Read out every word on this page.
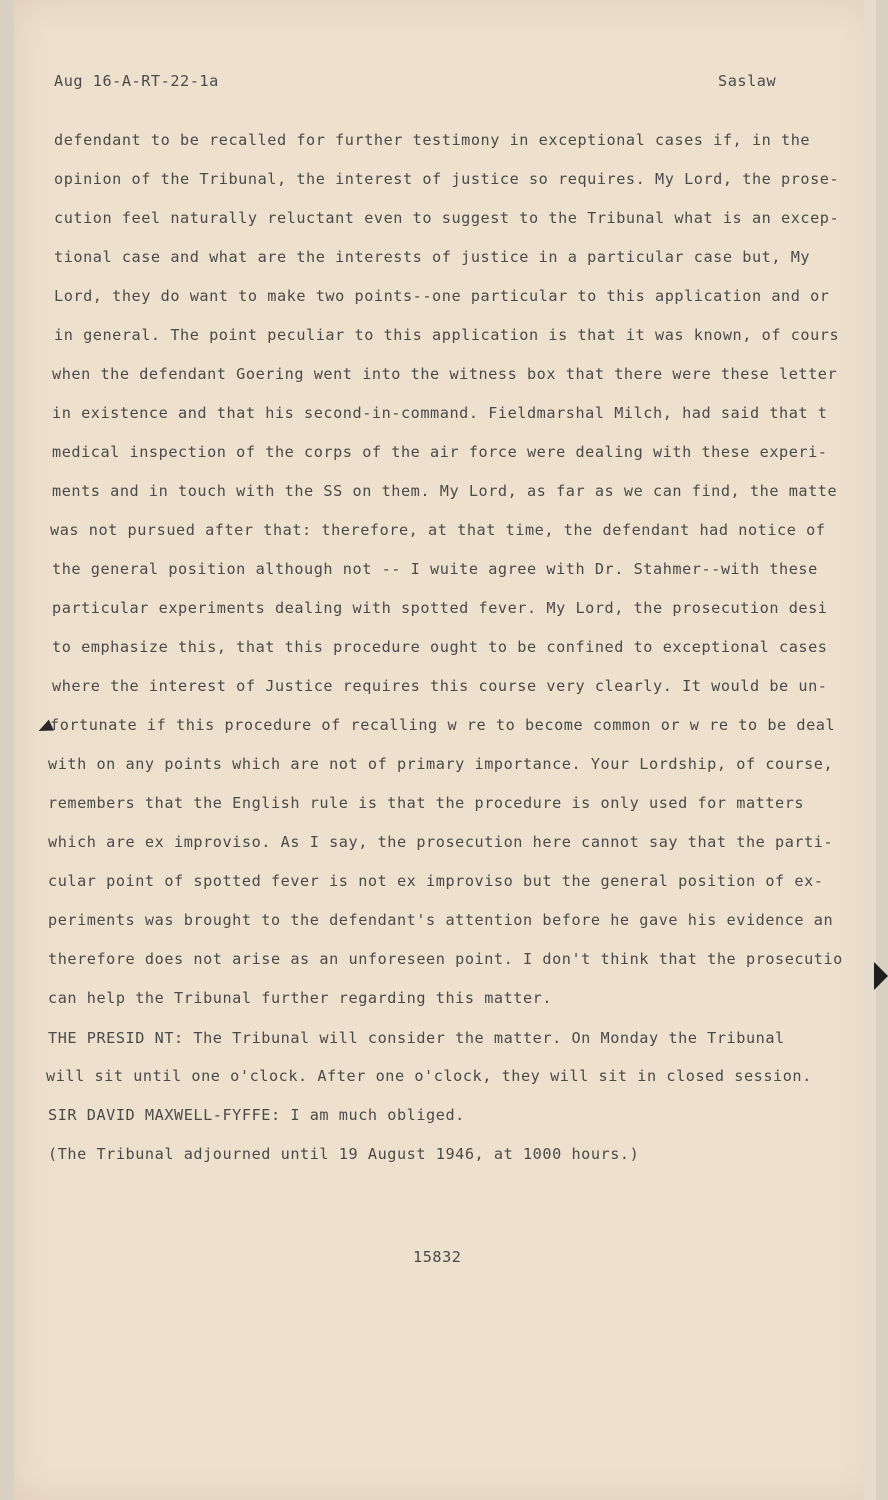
Aug 16-A-RT-22-1a	Saslaw
defendant to be recalled for further testimony in exceptional cases if, in the
opinion of the Tribunal, the interest of justice so requires. My Lord, the prose-
cution feel naturally reluctant even to suggest to the Tribunal what is an excep-
tional case and what are the interests of justice in a particular case but, My
Lord, they do want to make two points--one particular to this application and or
in general. The point peculiar to this application is that it was known, of cours
when the defendant Goering went into the witness box that there were these letter
in existence and that his second-in-command. Fieldmarshal Milch, had said that t
medical inspection of the corps of the air force were dealing with these experi-
ments and in touch with the SS on them. My Lord, as far as we can find, the matte
was not pursued after that: therefore, at that time, the defendant had notice of
the general position although not -- I wuite agree with Dr. Stahmer--with these
particular experiments dealing with spotted fever. My Lord, the prosecution desi
to emphasize this, that this procedure ought to be confined to exceptional cases
where the interest of Justice requires this course very clearly. It would be un-
fortunate if this procedure of recalling w re to become common or w re to be deal
with on any points which are not of primary importance. Your Lordship, of course,
remembers that the English rule is that the procedure is only used for matters
which are ex improviso. As I say, the prosecution here cannot say that the parti-
cular point of spotted fever is not ex improviso but the general position of ex-
periments was brought to the defendant's attention before he gave his evidence an
therefore does not arise as an unforeseen point. I don't think that the prosecutio
can help the Tribunal further regarding this matter.
THE PRESID NT: The Tribunal will consider the matter. On Monday the Tribunal
will sit until one o'clock. After one o'clock, they will sit in closed session.
SIR DAVID MAXWELL-FYFFE: I am much obliged.
(The Tribunal adjourned until 19 August 1946, at 1000 hours.)
15832
